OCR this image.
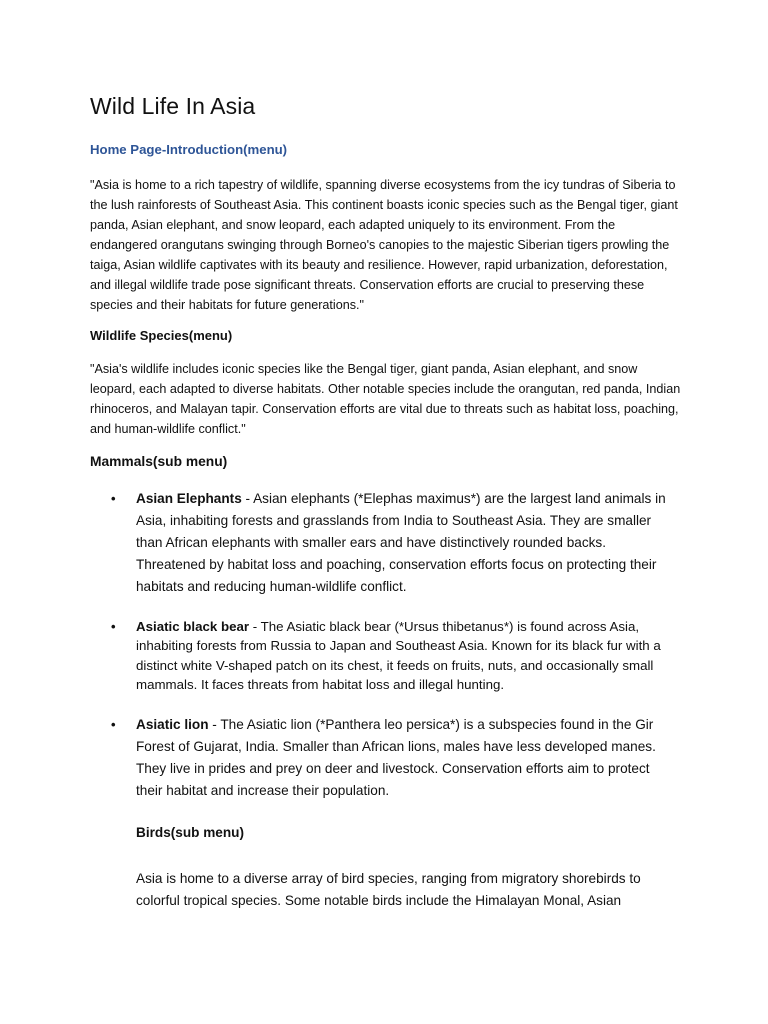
Wild Life In Asia
Home Page-Introduction(menu)

"Asia is home to a rich tapestry of wildlife, spanning diverse ecosystems from the icy tundras of Siberia to the lush rainforests of Southeast Asia. This continent boasts iconic species such as the Bengal tiger, giant panda, Asian elephant, and snow leopard, each adapted uniquely to its environment. From the endangered orangutans swinging through Borneo's canopies to the majestic Siberian tigers prowling the taiga, Asian wildlife captivates with its beauty and resilience. However, rapid urbanization, deforestation, and illegal wildlife trade pose significant threats. Conservation efforts are crucial to preserving these species and their habitats for future generations."

Wildlife Species(menu)

"Asia's wildlife includes iconic species like the Bengal tiger, giant panda, Asian elephant, and snow leopard, each adapted to diverse habitats. Other notable species include the orangutan, red panda, Indian rhinoceros, and Malayan tapir. Conservation efforts are vital due to threats such as habitat loss, poaching, and human-wildlife conflict."

Mammals(sub menu)

• Asian Elephants - Asian elephants (*Elephas maximus*) are the largest land animals in Asia, inhabiting forests and grasslands from India to Southeast Asia. They are smaller than African elephants with smaller ears and have distinctively rounded backs. Threatened by habitat loss and poaching, conservation efforts focus on protecting their habitats and reducing human-wildlife conflict.

• Asiatic black bear - The Asiatic black bear (*Ursus thibetanus*) is found across Asia, inhabiting forests from Russia to Japan and Southeast Asia. Known for its black fur with a distinct white V-shaped patch on its chest, it feeds on fruits, nuts, and occasionally small mammals. It faces threats from habitat loss and illegal hunting.

• Asiatic lion - The Asiatic lion (*Panthera leo persica*) is a subspecies found in the Gir Forest of Gujarat, India. Smaller than African lions, males have less developed manes. They live in prides and prey on deer and livestock. Conservation efforts aim to protect their habitat and increase their population.

Birds(sub menu)

Asia is home to a diverse array of bird species, ranging from migratory shorebirds to colorful tropical species. Some notable birds include the Himalayan Monal, Asian
